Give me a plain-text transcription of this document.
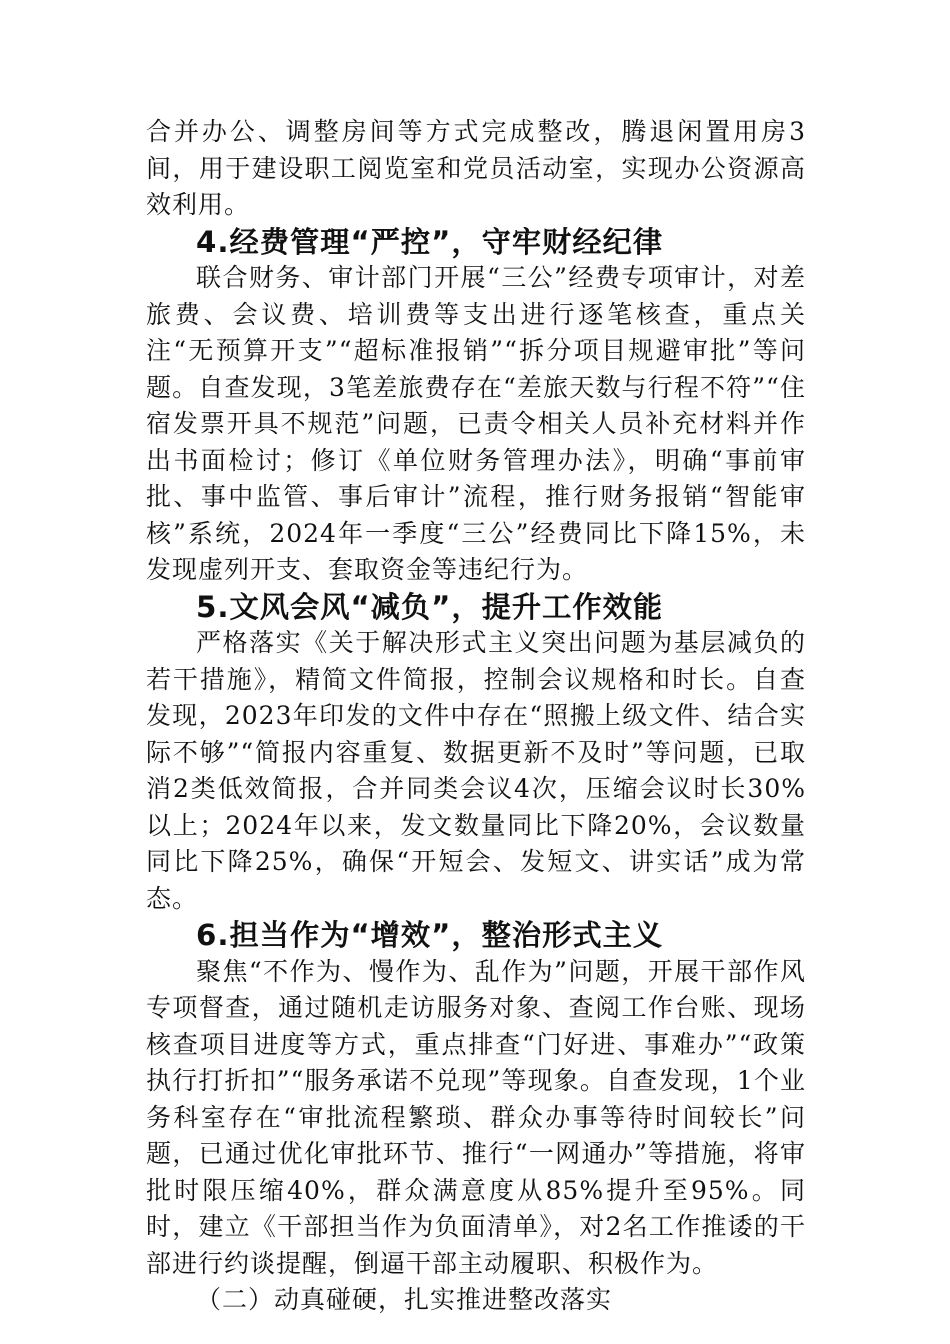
合并办公、调整房间等方式完成整改，腾退闲置用房3间，用于建设职工阅览室和党员活动室，实现办公资源高效利用。

4.经费管理“严控”，守牢财经纪律

联合财务、审计部门开展“三公”经费专项审计，对差旅费、会议费、培训费等支出进行逐笔核查，重点关注“无预算开支”“超标准报销”“拆分项目规避审批”等问题。自查发现，3笔差旅费存在“差旅天数与行程不符”“住宿发票开具不规范”问题，已责令相关人员补充材料并作出书面检讨；修订《单位财务管理办法》，明确“事前审批、事中监管、事后审计”流程，推行财务报销“智能审核”系统，2024年一季度“三公”经费同比下降15%，未发现虚列开支、套取资金等违纪行为。

5.文风会风“减负”，提升工作效能

严格落实《关于解决形式主义突出问题为基层减负的若干措施》，精简文件简报，控制会议规格和时长。自查发现，2023年印发的文件中存在“照搬上级文件、结合实际不够”“简报内容重复、数据更新不及时”等问题，已取消2类低效简报，合并同类会议4次，压缩会议时长30%以上；2024年以来，发文数量同比下降20%，会议数量同比下降25%，确保“开短会、发短文、讲实话”成为常态。

6.担当作为“增效”，整治形式主义

聚焦“不作为、慢作为、乱作为”问题，开展干部作风专项督查，通过随机走访服务对象、查阅工作台账、现场核查项目进度等方式，重点排查“门好进、事难办”“政策执行打折扣”“服务承诺不兑现”等现象。自查发现，1个业务科室存在“审批流程繁琐、群众办事等待时间较长”问题，已通过优化审批环节、推行“一网通办”等措施，将审批时限压缩40%，群众满意度从85%提升至95%。同时，建立《干部担当作为负面清单》，对2名工作推诿的干部进行约谈提醒，倒逼干部主动履职、积极作为。

（二）动真碰硬，扎实推进整改落实
